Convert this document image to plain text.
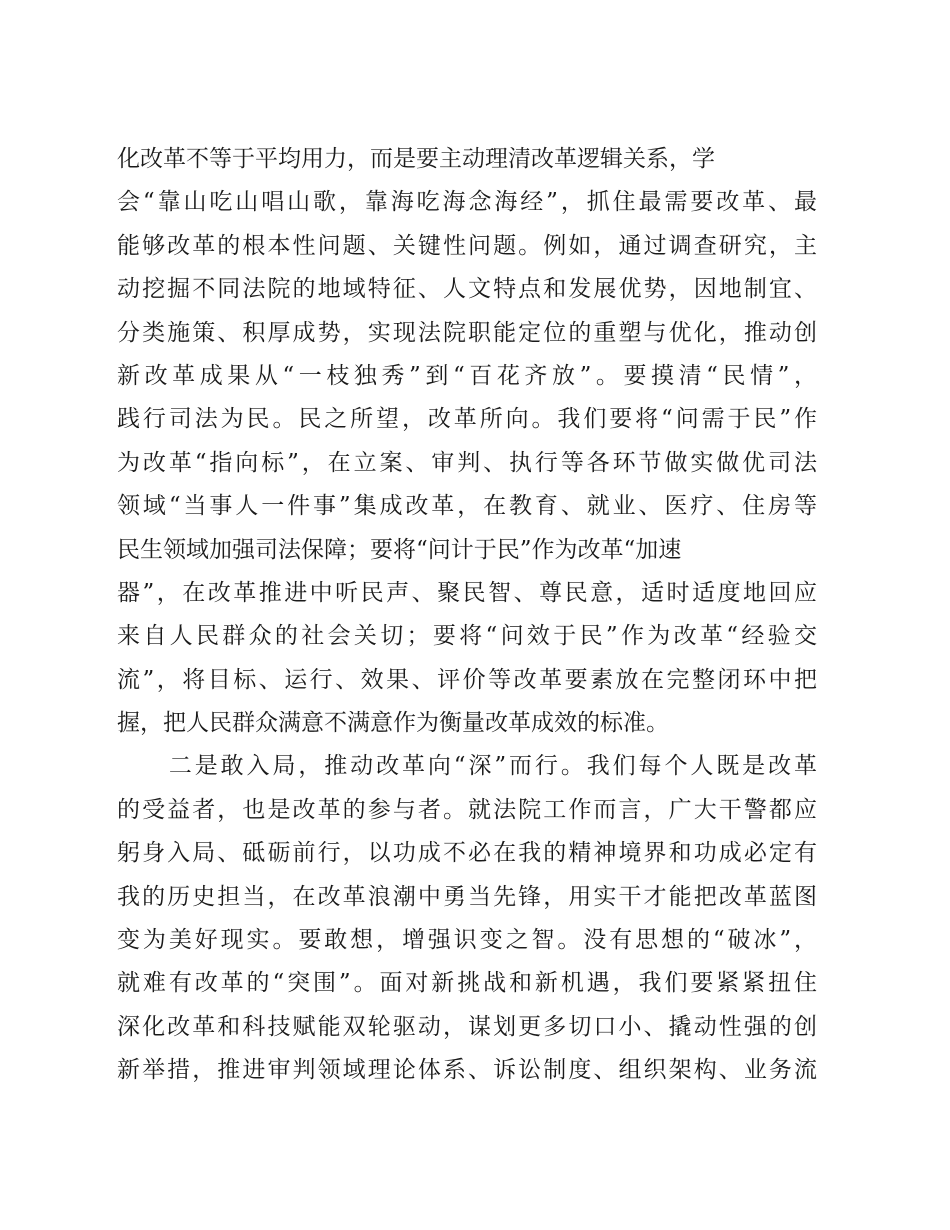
化改革不等于平均用力，而是要主动理清改革逻辑关系，学
会“靠山吃山唱山歌，靠海吃海念海经”，抓住最需要改革、最
能够改革的根本性问题、关键性问题。例如，通过调查研究，主
动挖掘不同法院的地域特征、人文特点和发展优势，因地制宜、
分类施策、积厚成势，实现法院职能定位的重塑与优化，推动创
新改革成果从“一枝独秀”到“百花齐放”。要摸清“民情”，
践行司法为民。民之所望，改革所向。我们要将“问需于民”作
为改革“指向标”，在立案、审判、执行等各环节做实做优司法
领域“当事人一件事”集成改革，在教育、就业、医疗、住房等
民生领域加强司法保障；要将“问计于民”作为改革“加速
器”，在改革推进中听民声、聚民智、尊民意，适时适度地回应
来自人民群众的社会关切；要将“问效于民”作为改革“经验交
流”，将目标、运行、效果、评价等改革要素放在完整闭环中把
握，把人民群众满意不满意作为衡量改革成效的标准。
　　二是敢入局，推动改革向“深”而行。我们每个人既是改革
的受益者，也是改革的参与者。就法院工作而言，广大干警都应
躬身入局、砥砺前行，以功成不必在我的精神境界和功成必定有
我的历史担当，在改革浪潮中勇当先锋，用实干才能把改革蓝图
变为美好现实。要敢想，增强识变之智。没有思想的“破冰”，
就难有改革的“突围”。面对新挑战和新机遇，我们要紧紧扭住
深化改革和科技赋能双轮驱动，谋划更多切口小、撬动性强的创
新举措，推进审判领域理论体系、诉讼制度、组织架构、业务流
